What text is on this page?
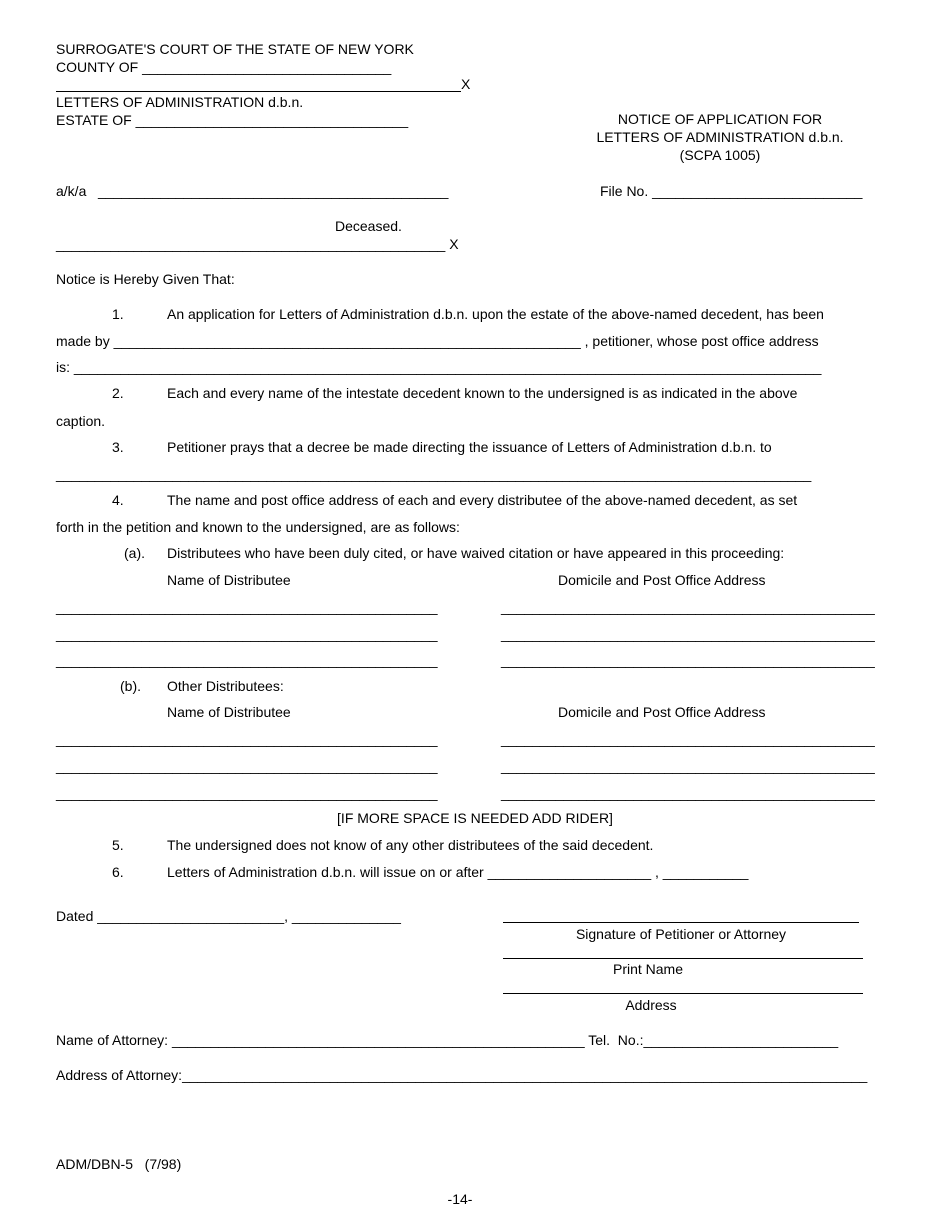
SURROGATE'S COURT OF THE STATE OF NEW YORK
COUNTY OF ________________________________
X
LETTERS OF ADMINISTRATION d.b.n.
ESTATE OF ___________________________________
a/k/a   _____________________________________________
Deceased.
__________________________________________________ X
NOTICE OF APPLICATION FOR
LETTERS OF ADMINISTRATION d.b.n.
(SCPA 1005)
File No. ___________________________
Notice is Hereby Given That:
1.	An application for Letters of Administration d.b.n. upon the estate of the above-named decedent, has been
made by ____________________________________________________________ , petitioner, whose post office address
is: ________________________________________________________________________________________________
2.	Each and every name of the intestate decedent known to the undersigned is as indicated in the above
caption.
3.	Petitioner prays that a decree be made directing the issuance of Letters of Administration d.b.n. to
_________________________________________________________________________________________________
4.	The name and post office address of each and every distributee of the above-named decedent, as set
forth in the petition and known to the undersigned, are as follows:
(a). Distributees who have been duly cited, or have waived citation or have appeared in this proceeding:
Name of Distributee	Domicile and Post Office Address
_________________________________________________	________________________________________________
_________________________________________________	________________________________________________
_________________________________________________	________________________________________________
(b). Other Distributees:
Name of Distributee	Domicile and Post Office Address
_________________________________________________	________________________________________________
_________________________________________________	________________________________________________
_________________________________________________	________________________________________________
[IF MORE SPACE IS NEEDED ADD RIDER]
5.	The undersigned does not know of any other distributees of the said decedent.
6.	Letters of Administration d.b.n. will issue on or after _____________________ , ___________
Dated ________________________, ______________
Signature of Petitioner or Attorney
Print Name
Address
Name of Attorney: _____________________________________________________ Tel.  No.:_________________________
Address of Attorney:________________________________________________________________________________________
ADM/DBN-5   (7/98)
-14-
